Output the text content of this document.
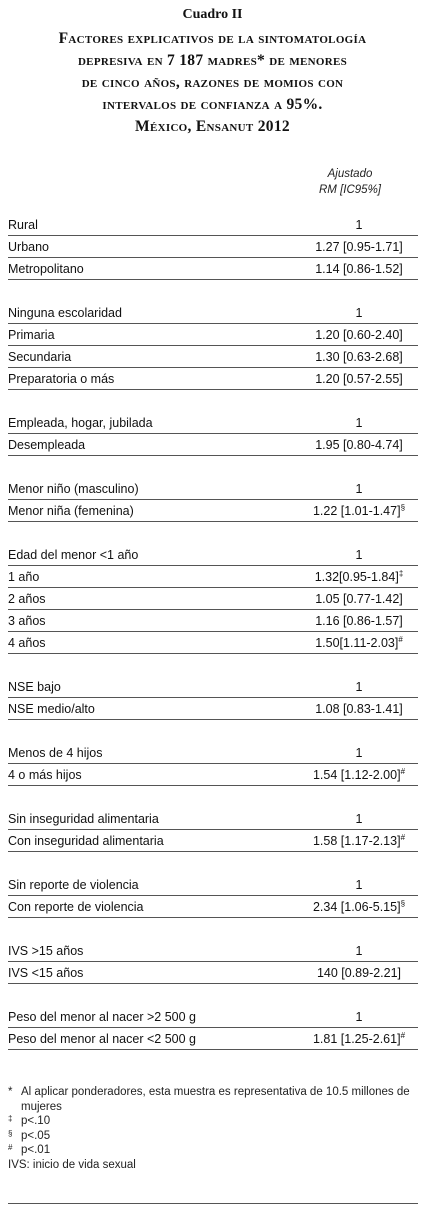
Cuadro II
Factores explicativos de la sintomatología
depresiva en 7 187 madres* de menores
de cinco años, razones de momios con
intervalos de confianza a 95%.
México, Ensanut 2012
Ajustado
RM [IC95%]
Rural	1
Urbano	1.27 [0.95-1.71]
Metropolitano	1.14 [0.86-1.52]
Ninguna escolaridad	1
Primaria	1.20 [0.60-2.40]
Secundaria	1.30 [0.63-2.68]
Preparatoria o más	1.20 [0.57-2.55]
Empleada, hogar, jubilada	1
Desempleada	1.95 [0.80-4.74]
Menor niño (masculino)	1
Menor niña (femenina)	1.22 [1.01-1.47]§
Edad del menor <1 año	1
1 año	1.32[0.95-1.84]‡
2 años	1.05 [0.77-1.42]
3 años	1.16 [0.86-1.57]
4 años	1.50[1.11-2.03]#
NSE bajo	1
NSE medio/alto	1.08 [0.83-1.41]
Menos de 4 hijos	1
4 o más hijos	1.54 [1.12-2.00]#
Sin inseguridad alimentaria	1
Con inseguridad alimentaria	1.58 [1.17-2.13]#
Sin reporte de violencia	1
Con reporte de violencia	2.34 [1.06-5.15]§
IVS >15 años	1
IVS <15 años	140 [0.89-2.21]
Peso del menor al nacer >2 500 g	1
Peso del menor al nacer <2 500 g	1.81 [1.25-2.61]#
* Al aplicar ponderadores, esta muestra es representativa de 10.5 millones de mujeres
‡ p<.10
§ p<.05
# p<.01
IVS: inicio de vida sexual
